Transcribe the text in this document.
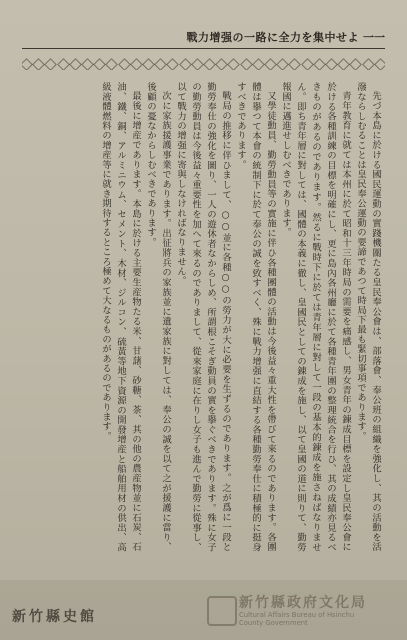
戰力增强の一路に全力を集中せよ 一一

先づ本島に於ける國民運動の實踐機關たる皇民奉公會は、部落會、奉公班の組織を強化し、其の活動を活潑ならしむることは皇民奉公運動の要諦であつて時局下最も緊切事項であります。

青年教育に就ては本州に於て昭和十三年時局の需要を痛感し、男女青年の錬成目標を設定し皇民奉公會に於ける各種訓練の目標を明確にし、更に島內各州廳に於て各種青年團の整理統合を行ひ、其の成績亦見るべきものがあるのであります。然るに戰時下に於ては青年層に對して一段の基本的錬成を施さねばなりません。即ち青年層に對しては、國體の本義に徹し、皇國民としての錬成を施し、以て皇國の道に則りて、勤勞報國に邁進せしむべきであります。

又學徒動員、勤勞動員等の實施に伴ひ各種團體の活動は今後益々重大性を帶びて來るのであります。各團體は擧つて本會の統制下に於て奉公の誠を致すべく、殊に戰力增强に直結する各種勤勞奉仕に積極的に挺身すべきであります。

戰局の推移に伴ひまして、○○並に各種○○の勞力が大に必要を生ずるのであります。之が爲に一段と勤勞奉仕の強化を圖り、一人の遊休者なからしめ、所謂根こそぎ動員の實を擧ぐべきであります。殊に女子の勤勞動員は今後益々重要性を加へて來るのでありまして、從來家庭に在りし女子も進んで勤勞に從事し、以て戰力の增强に寄與しなければなりません。

次に家族援護事業であります。出征將兵の家族並に遺家族に對しては、奉公の誠を以て之が援護に當り、後顧の憂なからしむべきであります。

最後に增産であります。本島に於ける主要生産物たる米、甘藷、砂糖、茶、其の他の農産物並に石炭、石油、鐵、銅、アルミニウム、セメント、木材、ジルコン、硫黃等地下資源の開發增産と船舶用材の供出、高級液體燃料の增産等に就き期待するところ極めて大なるものがあるのであります。

新竹縣史館
新竹縣政府文化局
Cultural Affairs Bureau of Hsinchu
County Government
